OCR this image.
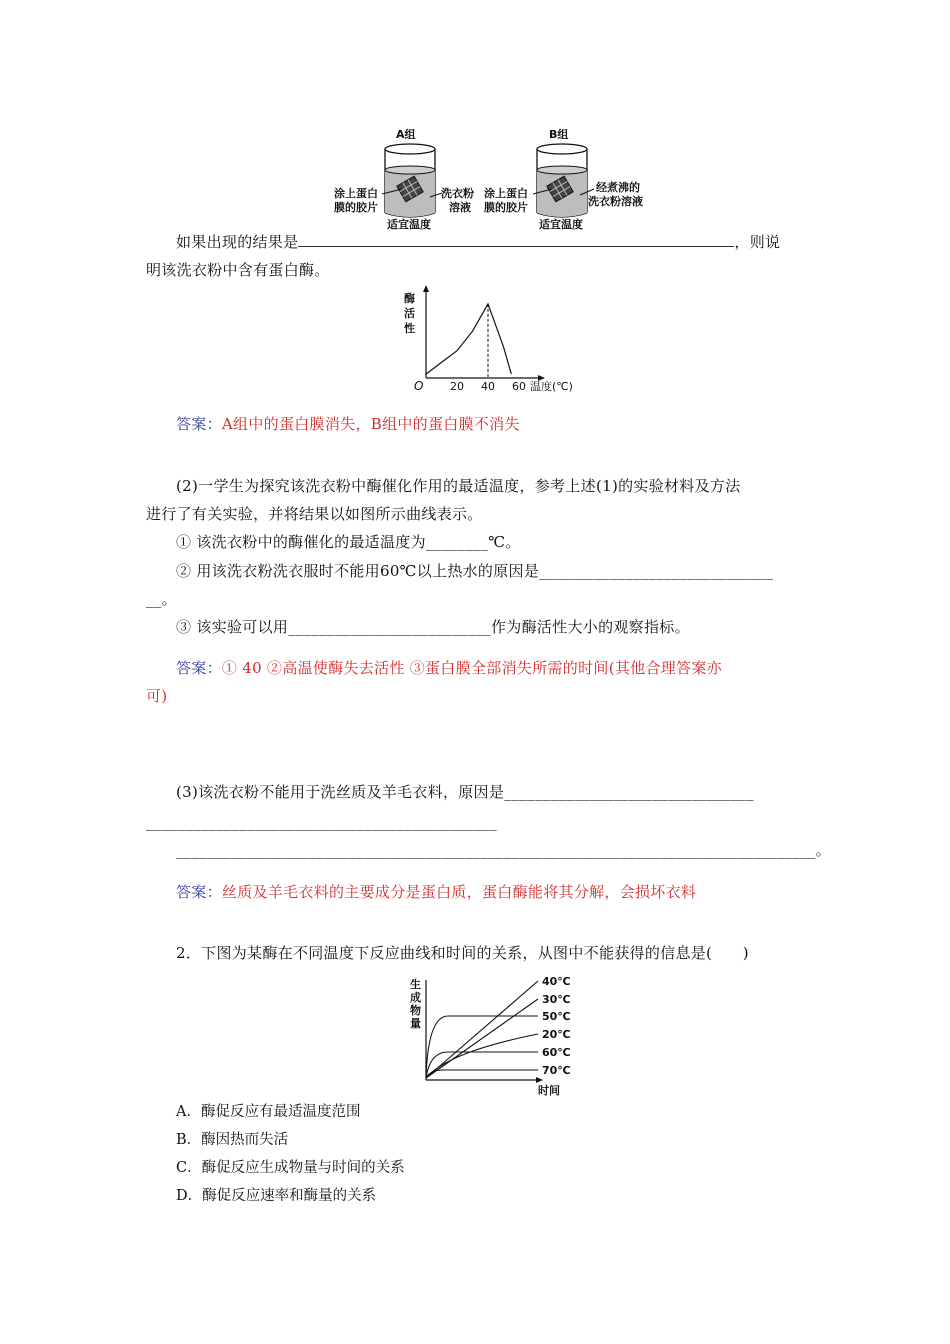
A组
涂上蛋白
膜的胶片
洗衣粉
溶液
适宜温度
B组
涂上蛋白
膜的胶片
经煮沸的
洗衣粉溶液
适宜温度
如果出现的结果是	，则说
明该洗衣粉中含有蛋白酶。
酶
活
性
O 20 40 60 温度(℃)
答案：A组中的蛋白膜消失，B组中的蛋白膜不消失
(2)一学生为探究该洗衣粉中酶催化作用的最适温度，参考上述(1)的实验材料及方法
进行了有关实验，并将结果以如图所示曲线表示。
① 该洗衣粉中的酶催化的最适温度为________℃。
② 用该洗衣粉洗衣服时不能用60℃以上热水的原因是______________________________
__。
③ 该实验可以用__________________________作为酶活性大小的观察指标。
答案：① 40 ②高温使酶失去活性 ③蛋白膜全部消失所需的时间(其他合理答案亦
可)
(3)该洗衣粉不能用于洗丝质及羊毛衣料，原因是________________________________
_____________________________________________
__________________________________________________________________________________。
答案：丝质及羊毛衣料的主要成分是蛋白质，蛋白酶能将其分解，会损坏衣料
2．下图为某酶在不同温度下反应曲线和时间的关系，从图中不能获得的信息是(　　)
生
成
物
量
40℃
30℃
50℃
20℃
60℃
70℃
时间
A．酶促反应有最适温度范围
B．酶因热而失活
C．酶促反应生成物量与时间的关系
D．酶促反应速率和酶量的关系
